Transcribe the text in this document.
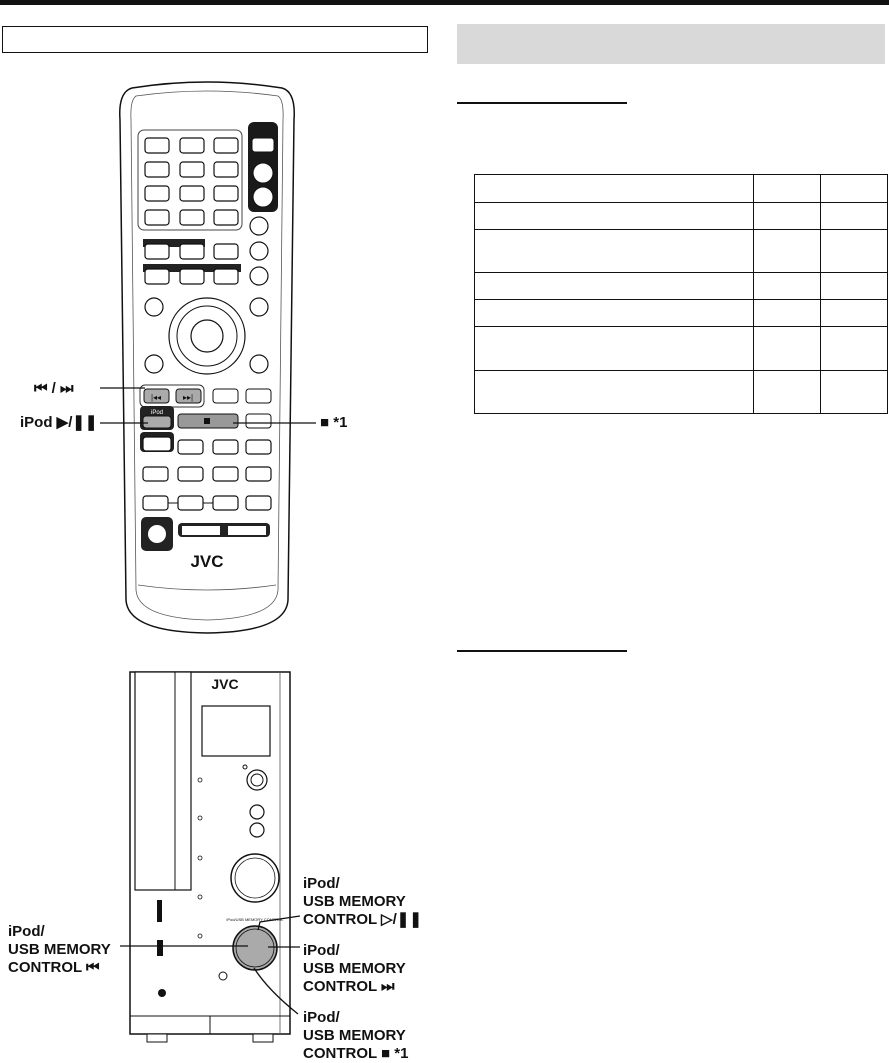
|◂◂	▸▸|
iPod
JVC
⏮ / ⏭
iPod ▶/❚❚	■ *1
JVC
iPod/USB MEMORY CONTROL
iPod/
USB MEMORY
CONTROL ⏮
iPod/
USB MEMORY
CONTROL ▷/❚❚
iPod/
USB MEMORY
CONTROL ⏭
iPod/
USB MEMORY
CONTROL ■ *1
